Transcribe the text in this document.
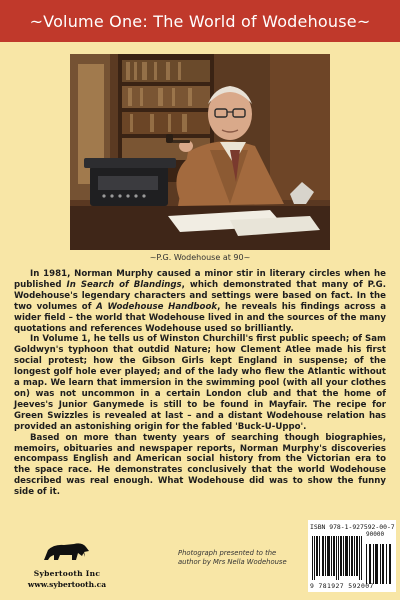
~Volume One: The World of Wodehouse~
~P.G. Wodehouse at 90~

In 1981, Norman Murphy caused a minor stir in literary circles when he published In Search of Blandings, which demonstrated that many of P.G. Wodehouse's legendary characters and settings were based on fact. In the two volumes of A Wodehouse Handbook, he reveals his findings across a wider field – the world that Wodehouse lived in and the sources of the many quotations and references Wodehouse used so brilliantly.

In Volume 1, he tells us of Winston Churchill's first public speech; of Sam Goldwyn's typhoon that outdid Nature; how Clement Atlee made his first social protest; how the Gibson Girls kept England in suspense; of the longest golf hole ever played; and of the lady who flew the Atlantic without a map. We learn that immersion in the swimming pool (with all your clothes on) was not uncommon in a certain London club and that the home of Jeeves's Junior Ganymede is still to be found in Mayfair. The recipe for Green Swizzles is revealed at last – and a distant Wodehouse relation has provided an astonishing origin for the fabled 'Buck-U-Uppo'.

Based on more than twenty years of searching though biographies, memoirs, obituaries and newspaper reports, Norman Murphy's discoveries encompass English and American social history from the Victorian era to the space race. He demonstrates conclusively that the world Wodehouse described was real enough. What Wodehouse did was to show the funny side of it.

Sybertooth Inc
www.sybertooth.ca
Photograph presented to the author by Mrs Nella Wodehouse
ISBN 978-1-927592-00-7
90000
9 781927 592007
